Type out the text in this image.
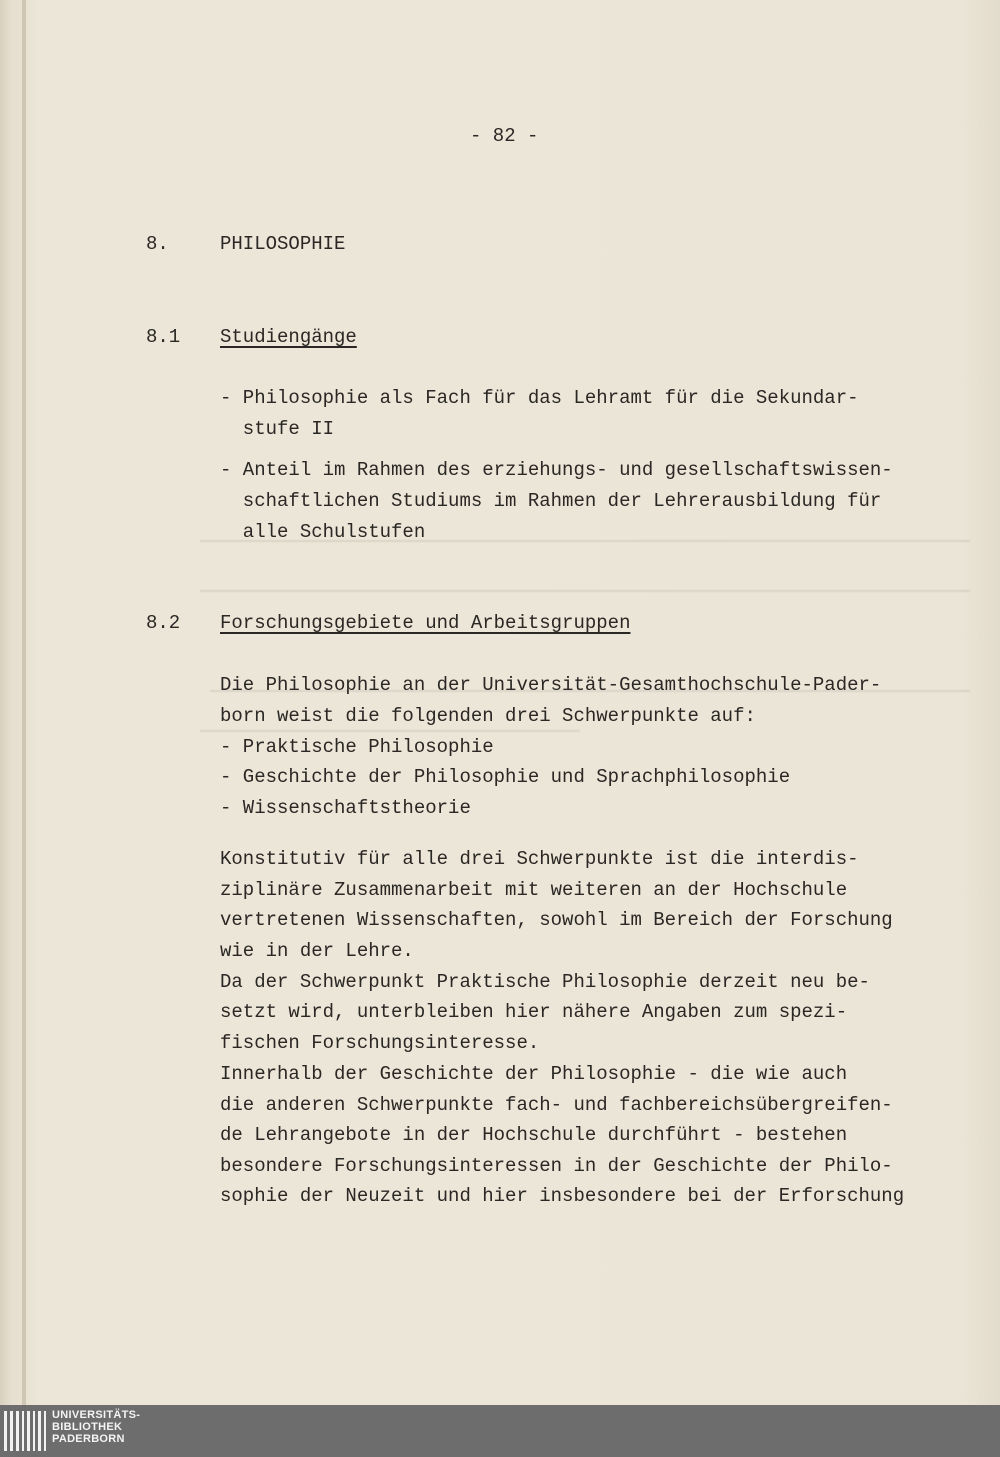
- 82 -
8.	PHILOSOPHIE
8.1 Studiengänge
- Philosophie als Fach für das Lehramt für die Sekundar-
stufe II
- Anteil im Rahmen des erziehungs- und gesellschaftswissen-
schaftlichen Studiums im Rahmen der Lehrerausbildung für
alle Schulstufen
8.2 Forschungsgebiete und Arbeitsgruppen
Die Philosophie an der Universität-Gesamthochschule-Pader-
born weist die folgenden drei Schwerpunkte auf:
- Praktische Philosophie
- Geschichte der Philosophie und Sprachphilosophie
- Wissenschaftstheorie
Konstitutiv für alle drei Schwerpunkte ist die interdis-
ziplinäre Zusammenarbeit mit weiteren an der Hochschule
vertretenen Wissenschaften, sowohl im Bereich der Forschung
wie in der Lehre.
Da der Schwerpunkt Praktische Philosophie derzeit neu be-
setzt wird, unterbleiben hier nähere Angaben zum spezi-
fischen Forschungsinteresse.
Innerhalb der Geschichte der Philosophie - die wie auch
die anderen Schwerpunkte fach- und fachbereichsübergreifen-
de Lehrangebote in der Hochschule durchführt - bestehen
besondere Forschungsinteressen in der Geschichte der Philo-
sophie der Neuzeit und hier insbesondere bei der Erforschung
UNIVERSITÄTS-
BIBLIOTHEK
PADERBORN
